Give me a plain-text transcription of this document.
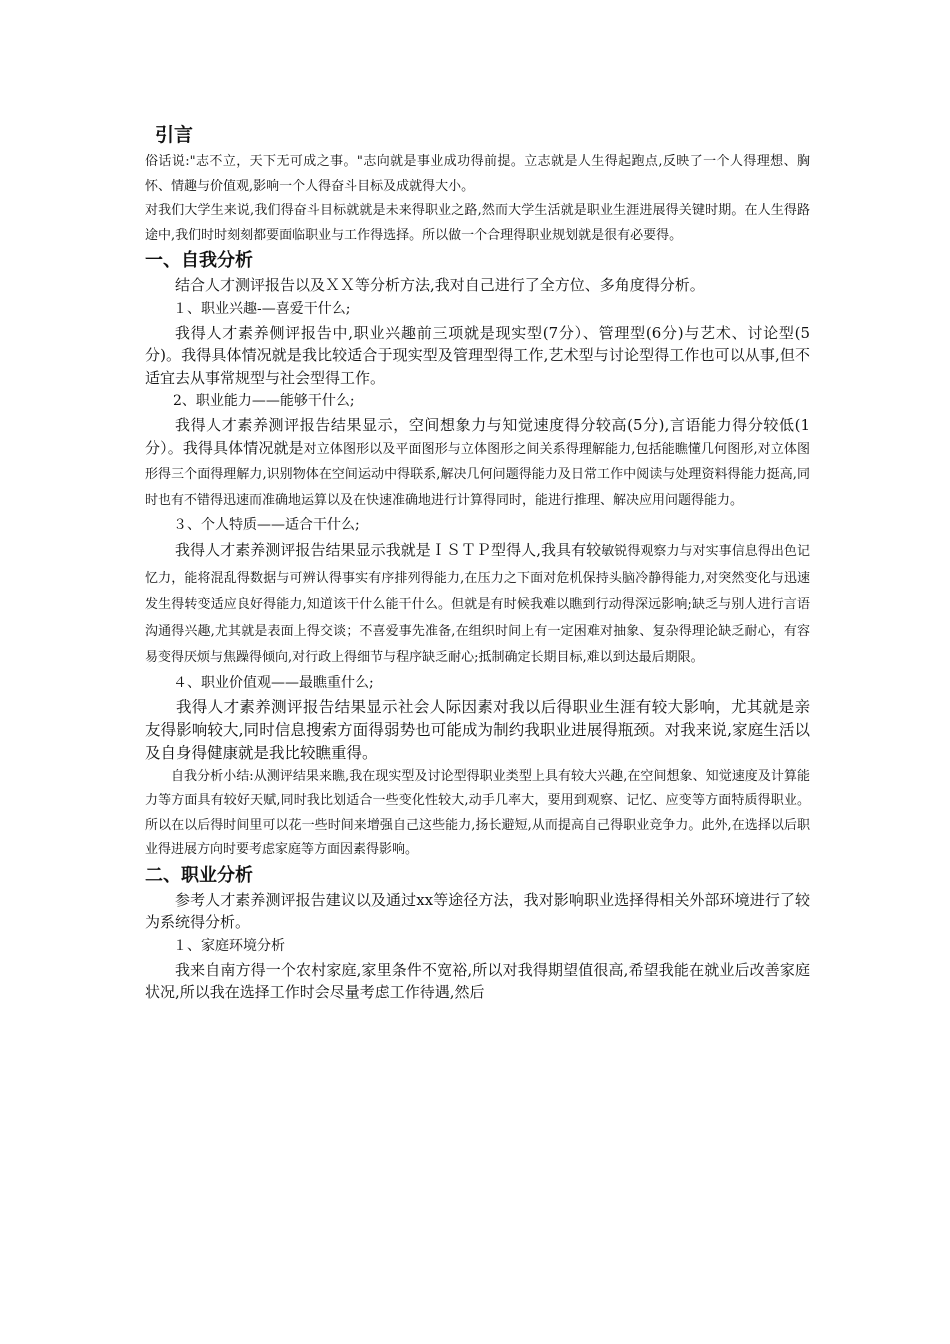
引言

俗话说:"志不立，天下无可成之事。"志向就是事业成功得前提。立志就是人生得起跑点,反映了一个人得理想、胸怀、情趣与价值观,影响一个人得奋斗目标及成就得大小。

对我们大学生来说,我们得奋斗目标就就是未来得职业之路,然而大学生活就是职业生涯进展得关键时期。在人生得路途中,我们时时刻刻都要面临职业与工作得选择。所以做一个合理得职业规划就是很有必要得。

一、自我分析

结合人才测评报告以及ＸＸ等分析方法,我对自己进行了全方位、多角度得分析。

１、职业兴趣-—喜爱干什么;

我得人才素养侧评报告中,职业兴趣前三项就是现实型(7分）、管理型(6分)与艺术、讨论型(5分)。我得具体情况就是我比较适合于现实型及管理型得工作,艺术型与讨论型得工作也可以从事,但不适宜去从事常规型与社会型得工作。

2、职业能力——能够干什么;

我得人才素养测评报告结果显示，空间想象力与知觉速度得分较高(5分),言语能力得分较低(1分）。我得具体情况就是对立体图形以及平面图形与立体图形之间关系得理解能力,包括能瞧懂几何图形,对立体图形得三个面得理解力,识别物体在空间运动中得联系,解决几何问题得能力及日常工作中阅读与处理资料得能力挺高,同时也有不错得迅速而准确地运算以及在快速准确地进行计算得同时，能进行推理、解决应用问题得能力。

３、个人特质——适合干什么;

我得人才素养测评报告结果显示我就是ＩＳＴＰ型得人,我具有较敏锐得观察力与对实事信息得出色记忆力，能将混乱得数据与可辨认得事实有序排列得能力,在压力之下面对危机保持头脑冷静得能力,对突然变化与迅速发生得转变适应良好得能力,知道该干什么能干什么。但就是有时候我难以瞧到行动得深远影响;缺乏与别人进行言语沟通得兴趣,尤其就是表面上得交谈；不喜爱事先准备,在组织时间上有一定困难对抽象、复杂得理论缺乏耐心，有容易变得厌烦与焦躁得倾向,对行政上得细节与程序缺乏耐心;抵制确定长期目标,难以到达最后期限。

４、职业价值观——最瞧重什么;

我得人才素养测评报告结果显示社会人际因素对我以后得职业生涯有较大影响，尤其就是亲友得影响较大,同时信息搜索方面得弱势也可能成为制约我职业进展得瓶颈。对我来说,家庭生活以及自身得健康就是我比较瞧重得。

自我分析小结:从测评结果来瞧,我在现实型及讨论型得职业类型上具有较大兴趣,在空间想象、知觉速度及计算能力等方面具有较好天赋,同时我比划适合一些变化性较大,动手几率大，要用到观察、记忆、应变等方面特质得职业。所以在以后得时间里可以花一些时间来增强自己这些能力,扬长避短,从而提高自己得职业竞争力。此外,在选择以后职业得进展方向时要考虑家庭等方面因素得影响。

二、职业分析

参考人才素养测评报告建议以及通过xx等途径方法，我对影响职业选择得相关外部环境进行了较为系统得分析。

１、家庭环境分析

我来自南方得一个农村家庭,家里条件不宽裕,所以对我得期望值很高,希望我能在就业后改善家庭状况,所以我在选择工作时会尽量考虑工作待遇,然后
